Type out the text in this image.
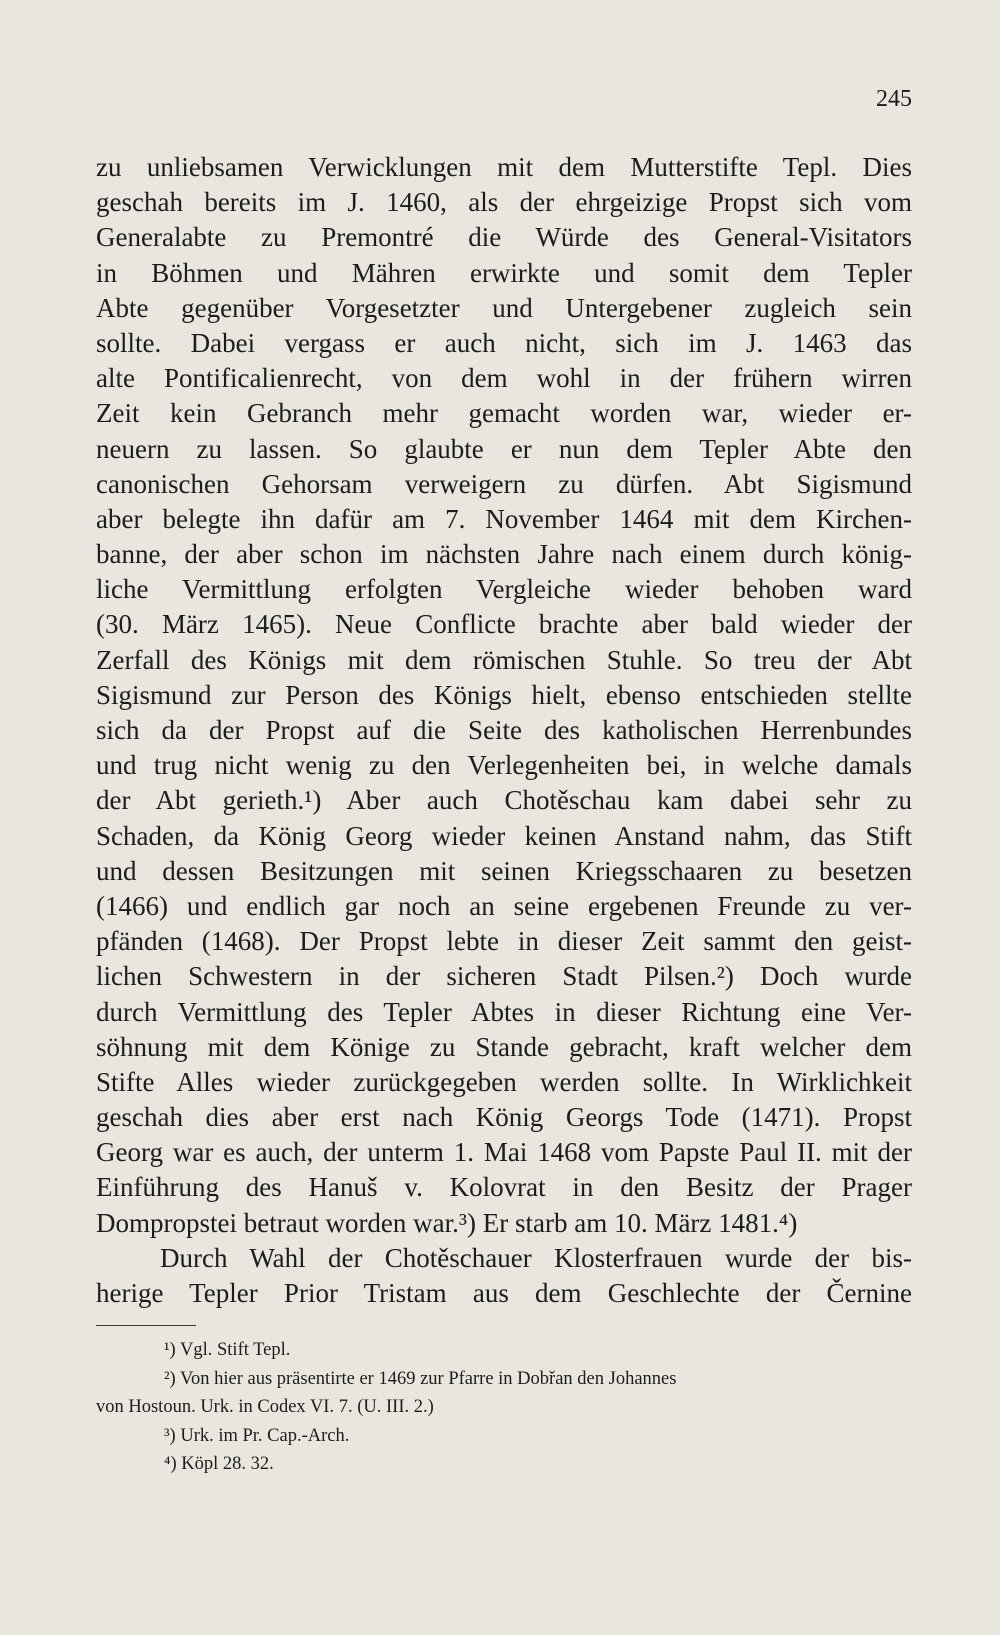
245

zu unliebsamen Verwicklungen mit dem Mutterstifte Tepl. Dies

geschah bereits im J. 1460, als der ehrgeizige Propst sich vom

Generalabte zu Premontré die Würde des General-Visitators

in Böhmen und Mähren erwirkte und somit dem Tepler

Abte gegenüber Vorgesetzter und Untergebener zugleich sein

sollte. Dabei vergass er auch nicht, sich im J. 1463 das

alte Pontificalienrecht, von dem wohl in der frühern wirren

Zeit kein Gebranch mehr gemacht worden war, wieder er-

neuern zu lassen. So glaubte er nun dem Tepler Abte den

canonischen Gehorsam verweigern zu dürfen. Abt Sigismund

aber belegte ihn dafür am 7. November 1464 mit dem Kirchen-

banne, der aber schon im nächsten Jahre nach einem durch könig-

liche Vermittlung erfolgten Vergleiche wieder behoben ward

(30. März 1465). Neue Conflicte brachte aber bald wieder der

Zerfall des Königs mit dem römischen Stuhle. So treu der Abt

Sigismund zur Person des Königs hielt, ebenso entschieden stellte

sich da der Propst auf die Seite des katholischen Herrenbundes

und trug nicht wenig zu den Verlegenheiten bei, in welche damals

der Abt gerieth.¹) Aber auch Chotěschau kam dabei sehr zu

Schaden, da König Georg wieder keinen Anstand nahm, das Stift

und dessen Besitzungen mit seinen Kriegsschaaren zu besetzen

(1466) und endlich gar noch an seine ergebenen Freunde zu ver-

pfänden (1468). Der Propst lebte in dieser Zeit sammt den geist-

lichen Schwestern in der sicheren Stadt Pilsen.²) Doch wurde

durch Vermittlung des Tepler Abtes in dieser Richtung eine Ver-

söhnung mit dem Könige zu Stande gebracht, kraft welcher dem

Stifte Alles wieder zurückgegeben werden sollte. In Wirklichkeit

geschah dies aber erst nach König Georgs Tode (1471). Propst

Georg war es auch, der unterm 1. Mai 1468 vom Papste Paul II. mit der

Einführung des Hanuš v. Kolovrat in den Besitz der Prager

Dompropstei betraut worden war.³) Er starb am 10. März 1481.⁴)

Durch Wahl der Chotěschauer Klosterfrauen wurde der bis-

herige Tepler Prior Tristam aus dem Geschlechte der Černine

¹) Vgl. Stift Tepl.

²) Von hier aus präsentirte er 1469 zur Pfarre in Dobřan den Johannes

von Hostoun. Urk. in Codex VI. 7. (U. III. 2.)

³) Urk. im Pr. Cap.-Arch.

⁴) Köpl 28. 32.
